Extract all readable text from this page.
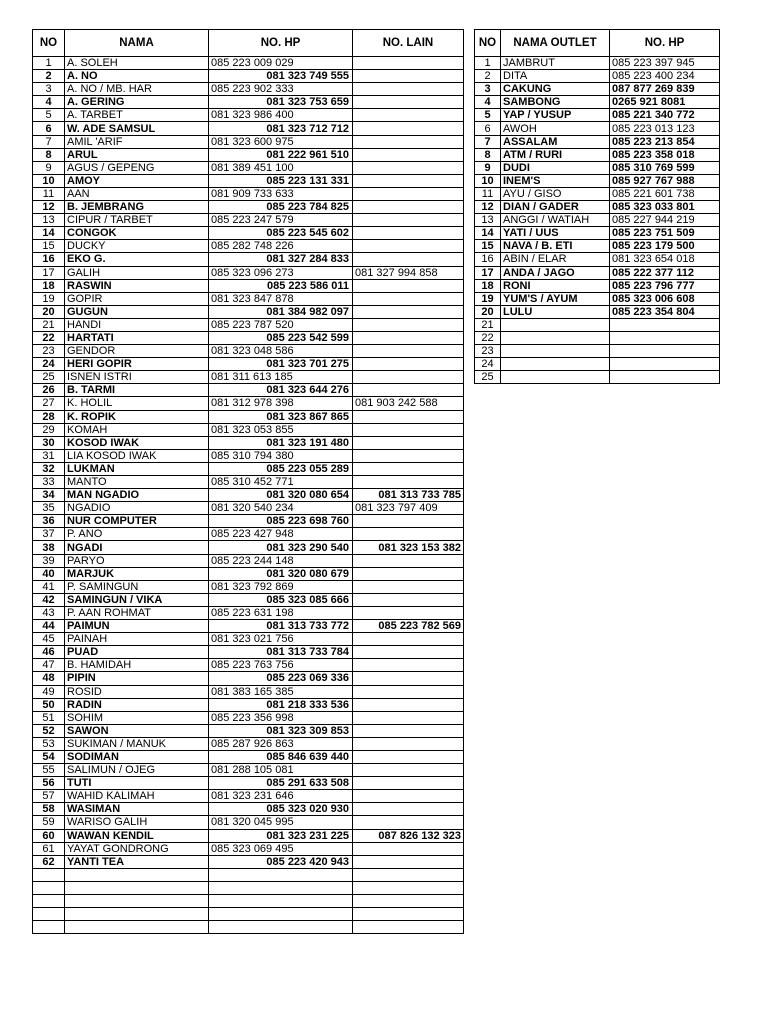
NO	NAMA	NO. HP	NO. LAIN
1	A. SOLEH	085 223 009 029	
2	A. NO	081 323 749 555	
3	A. NO / MB. HAR	085 223 902 333	
4	A. GERING	081 323 753 659	
5	A. TARBET	081 323 986 400	
6	W. ADE SAMSUL	081 323 712 712	
7	AMIL 'ARIF	081 323 600 975	
8	ARUL	081 222 961 510	
9	AGUS / GEPENG	081 389 451 100	
10	AMOY	085 223 131 331	
11	AAN	081 909 733 633	
12	B. JEMBRANG	085 223 784 825	
13	CIPUR / TARBET	085 223 247 579	
14	CONGOK	085 223 545 602	
15	DUCKY	085 282 748 226	
16	EKO G.	081 327 284 833	
17	GALIH	085 323 096 273	081 327 994 858
18	RASWIN	085 223 586 011	
19	GOPIR	081 323 847 878	
20	GUGUN	081 384 982 097	
21	HANDI	085 223 787 520	
22	HARTATI	085 223 542 599	
23	GENDOR	081 323 048 586	
24	HERI GOPIR	081 323 701 275	
25	ISNEN ISTRI	081 311 613 185	
26	B. TARMI	081 323 644 276	
27	K. HOLIL	081 312 978 398	081 903 242 588
28	K. ROPIK	081 323 867 865	
29	KOMAH	081 323 053 855	
30	KOSOD IWAK	081 323 191 480	
31	LIA KOSOD IWAK	085 310 794 380	
32	LUKMAN	085 223 055 289	
33	MANTO	085 310 452 771	
34	MAN NGADIO	081 320 080 654	081 313 733 785
35	NGADIO	081 320 540 234	081 323 797 409
36	NUR COMPUTER	085 223 698 760	
37	P. ANO	085 223 427 948	
38	NGADI	081 323 290 540	081 323 153 382
39	PARYO	085 223 244 148	
40	MARJUK	081 320 080 679	
41	P. SAMINGUN	081 323 792 869	
42	SAMINGUN / VIKA	085 323 085 666	
43	P. AAN ROHMAT	085 223 631 198	
44	PAIMUN	081 313 733 772	085 223 782 569
45	PAINAH	081 323 021 756	
46	PUAD	081 313 733 784	
47	B. HAMIDAH	085 223 763 756	
48	PIPIN	085 223 069 336	
49	ROSID	081 383 165 385	
50	RADIN	081 218 333 536	
51	SOHIM	085 223 356 998	
52	SAWON	081 323 309 853	
53	SUKIMAN / MANUK	085 287 926 863	
54	SODIMAN	085 846 639 440	
55	SALIMUN / OJEG	081 288 105 081	
56	TUTI	085 291 633 508	
57	WAHID KALIMAH	081 323 231 646	
58	WASIMAN	085 323 020 930	
59	WARISO GALIH	081 320 045 995	
60	WAWAN KENDIL	081 323 231 225	087 826 132 323
61	YAYAT GONDRONG	085 323 069 495	
62	YANTI TEA	085 223 420 943	

NO	NAMA OUTLET	NO. HP
1	JAMBRUT	085 223 397 945
2	DITA	085 223 400 234
3	CAKUNG	087 877 269 839
4	SAMBONG	0265 921 8081
5	YAP / YUSUP	085 221 340 772
6	AWOH	085 223 013 123
7	ASSALAM	085 223 213 854
8	ATM / RURI	085 223 358 018
9	DUDI	085 310 769 599
10	INEM'S	085 927 767 988
11	AYU / GISO	085 221 601 738
12	DIAN / GADER	085 323 033 801
13	ANGGI / WATIAH	085 227 944 219
14	YATI / UUS	085 223 751 509
15	NAVA / B. ETI	085 223 179 500
16	ABIN / ELAR	081 323 654 018
17	ANDA / JAGO	085 222 377 112
18	RONI	085 223 796 777
19	YUM'S / AYUM	085 323 006 608
20	LULU	085 223 354 804
21		
22		
23		
24		
25		
